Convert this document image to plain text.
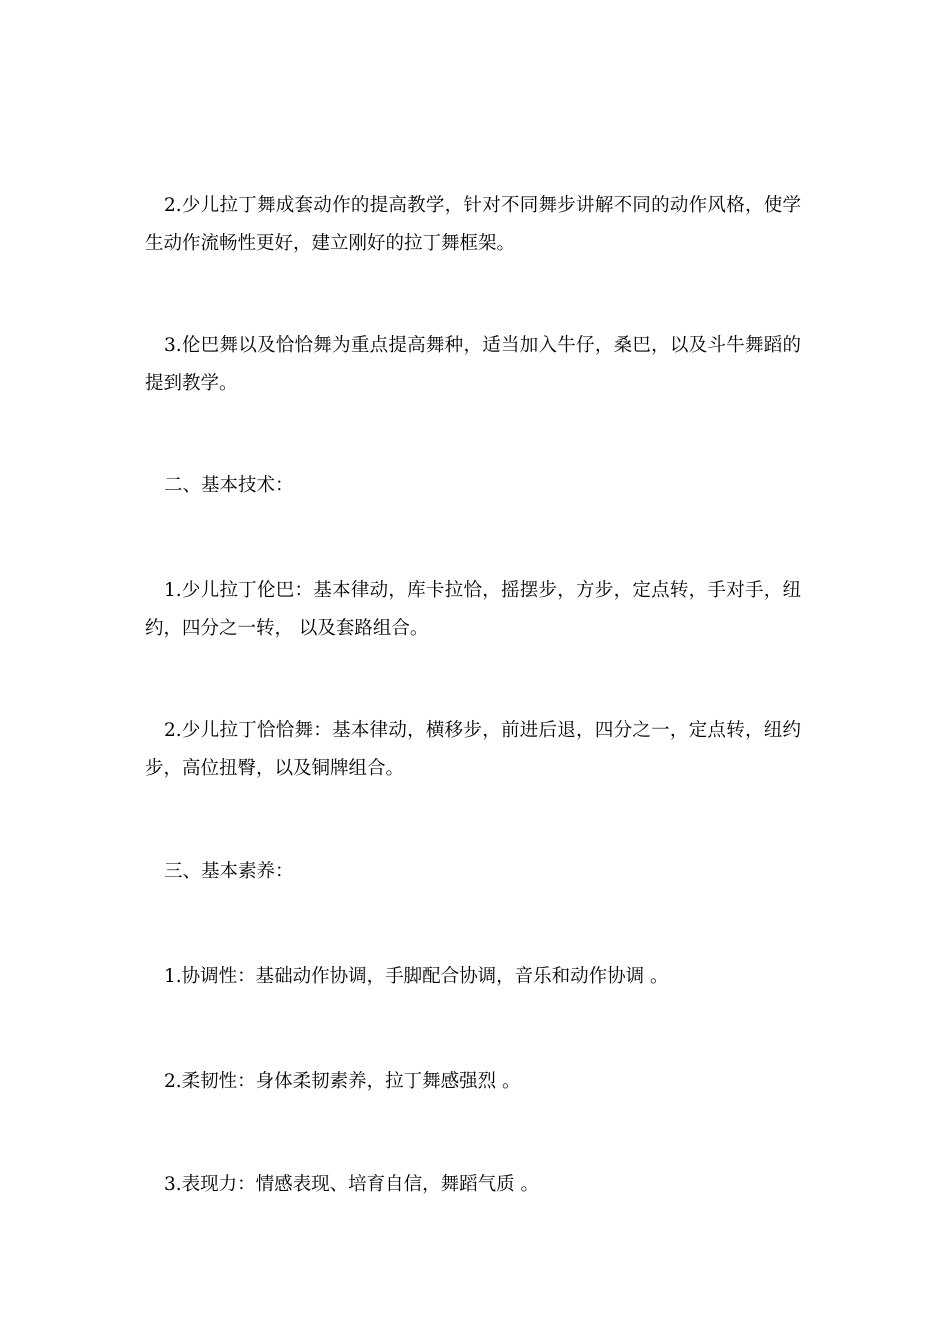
2.少儿拉丁舞成套动作的提高教学，针对不同舞步讲解不同的动作风格，使学生动作流畅性更好，建立刚好的拉丁舞框架。

3.伦巴舞以及恰恰舞为重点提高舞种，适当加入牛仔，桑巴，以及斗牛舞蹈的提到教学。

二、基本技术：

1.少儿拉丁伦巴：基本律动，库卡拉恰，摇摆步，方步，定点转，手对手，纽约，四分之一转， 以及套路组合。

2.少儿拉丁恰恰舞：基本律动，横移步，前进后退，四分之一，定点转，纽约步，高位扭臀，以及铜牌组合。

三、基本素养：

1.协调性：基础动作协调，手脚配合协调，音乐和动作协调 。

2.柔韧性：身体柔韧素养，拉丁舞感强烈 。

3.表现力：情感表现、培育自信，舞蹈气质 。
